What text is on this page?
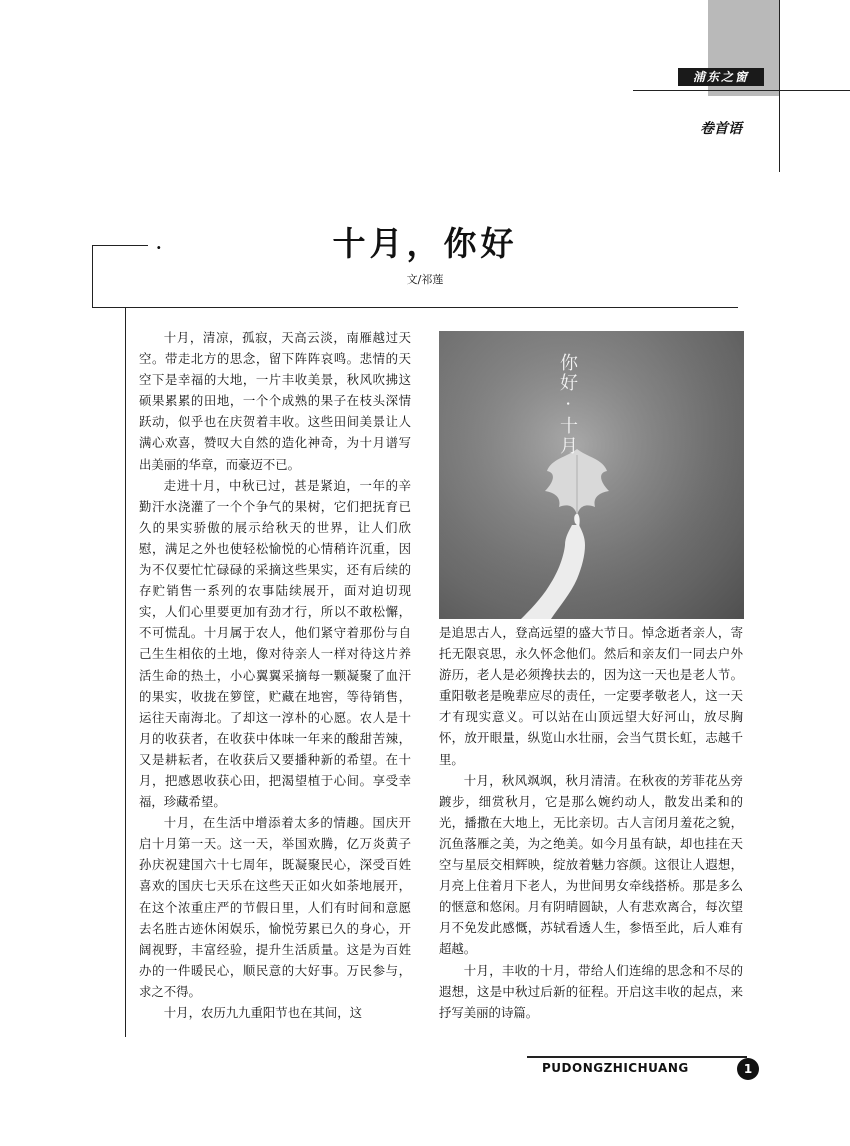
浦东之窗
卷首语
·	十月，你好
文/祁莲

十月，清凉，孤寂，天高云淡，南雁越过天空。带走北方的思念，留下阵阵哀鸣。悲情的天空下是幸福的大地，一片丰收美景，秋风吹拂这硕果累累的田地，一个个成熟的果子在枝头深情跃动，似乎也在庆贺着丰收。这些田间美景让人满心欢喜，赞叹大自然的造化神奇，为十月谱写出美丽的华章，而豪迈不已。

走进十月，中秋已过，甚是紧迫，一年的辛勤汗水浇灌了一个个争气的果树，它们把抚育已久的果实骄傲的展示给秋天的世界，让人们欣慰，满足之外也使轻松愉悦的心情稍许沉重，因为不仅要忙忙碌碌的采摘这些果实，还有后续的存贮销售一系列的农事陆续展开，面对迫切现实，人们心里要更加有劲才行，所以不敢松懈，不可慌乱。十月属于农人，他们紧守着那份与自己生生相依的土地，像对待亲人一样对待这片养活生命的热土，小心翼翼采摘每一颗凝聚了血汗的果实，收拢在箩筐，贮藏在地窖，等待销售，运往天南海北。了却这一淳朴的心愿。农人是十月的收获者，在收获中体味一年来的酸甜苦辣，又是耕耘者，在收获后又要播种新的希望。在十月，把感恩收获心田，把渴望植于心间。享受幸福，珍藏希望。

十月，在生活中增添着太多的情趣。国庆开启十月第一天。这一天，举国欢腾，亿万炎黄子孙庆祝建国六十七周年，既凝聚民心，深受百姓喜欢的国庆七天乐在这些天正如火如荼地展开，在这个浓重庄严的节假日里，人们有时间和意愿去名胜古迹休闲娱乐，愉悦劳累已久的身心，开阔视野，丰富经验，提升生活质量。这是为百姓办的一件暖民心，顺民意的大好事。万民参与，求之不得。

十月，农历九九重阳节也在其间，这

你好 · 十月

是追思古人，登高远望的盛大节日。悼念逝者亲人，寄托无限哀思，永久怀念他们。然后和亲友们一同去户外游历，老人是必须搀扶去的，因为这一天也是老人节。重阳敬老是晚辈应尽的责任，一定要孝敬老人，这一天才有现实意义。可以站在山顶远望大好河山，放尽胸怀，放开眼量，纵览山水壮丽，会当气贯长虹，志越千里。

十月，秋风飒飒，秋月清清。在秋夜的芳菲花丛旁踱步，细赏秋月，它是那么婉约动人，散发出柔和的光，播撒在大地上，无比亲切。古人言闭月羞花之貌，沉鱼落雁之美，为之绝美。如今月虽有缺，却也挂在天空与星辰交相辉映，绽放着魅力容颜。这很让人遐想，月亮上住着月下老人，为世间男女牵线搭桥。那是多么的惬意和悠闲。月有阴晴圆缺，人有悲欢离合，每次望月不免发此感慨，苏轼看透人生，参悟至此，后人难有超越。

十月，丰收的十月，带给人们连绵的思念和不尽的遐想，这是中秋过后新的征程。开启这丰收的起点，来抒写美丽的诗篇。

PUDONGZHICHUANG	1
